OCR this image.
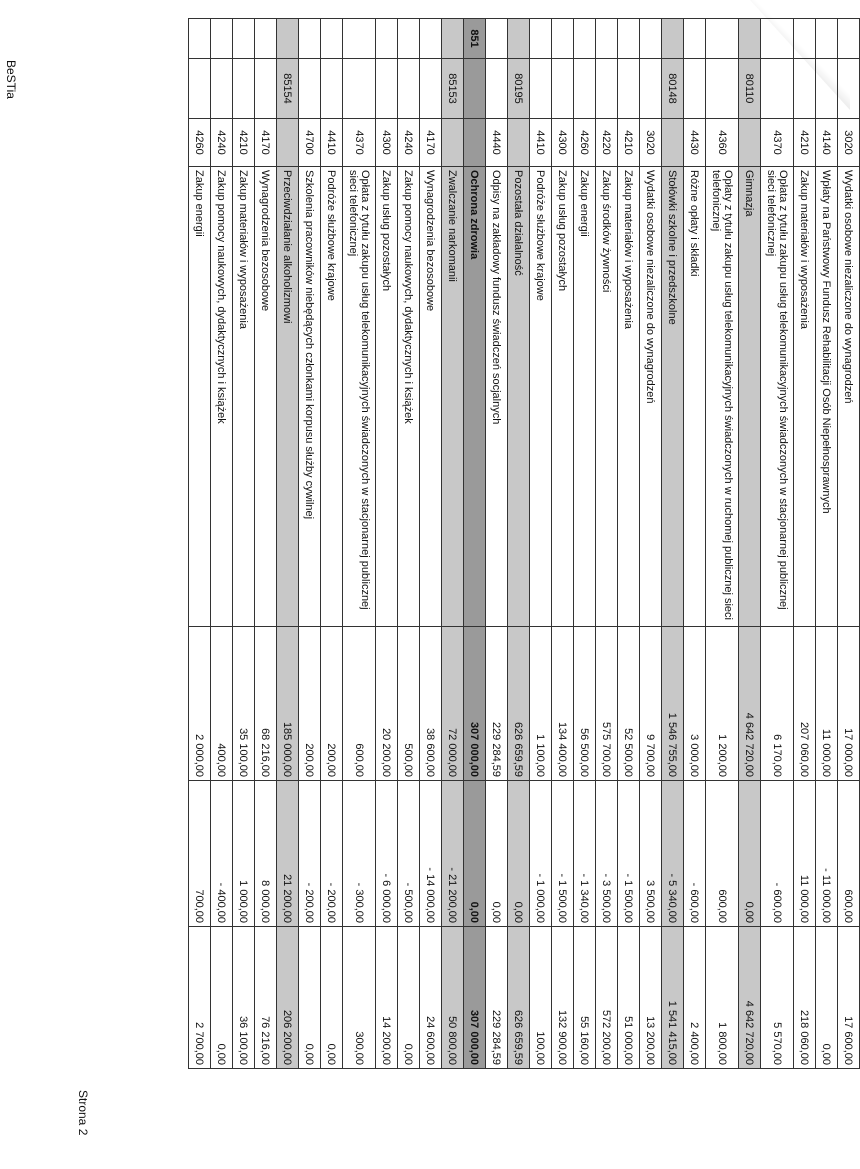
		3020	Wydatki osobowe niezaliczone do wynagrodzeń	17 000,00	600,00	17 600,00
		4140	Wpłaty na Państwowy Fundusz Rehabilitacji Osób Niepełnosprawnych	11 000,00	- 11 000,00	0,00
		4210	Zakup materiałów i wyposażenia	207 060,00	11 000,00	218 060,00
		4370	Opłata z tytułu zakupu usług telekomunikacyjnych świadczonych w stacjonarnej publicznej sieci telefonicznej	6 170,00	- 600,00	5 570,00
	80110		Gimnazja	4 642 720,00	0,00	4 642 720,00
		4360	Opłaty z tytułu zakupu usług telekomunikacyjnych świadczonych w ruchomej publicznej sieci telefonicznej	1 200,00	600,00	1 800,00
		4430	Różne opłaty i składki	3 000,00	- 600,00	2 400,00
	80148		Stołówki szkolne i przedszkolne	1 546 755,00	- 5 340,00	1 541 415,00
		3020	Wydatki osobowe niezaliczone do wynagrodzeń	9 700,00	3 500,00	13 200,00
		4210	Zakup materiałów i wyposażenia	52 500,00	- 1 500,00	51 000,00
		4220	Zakup środków żywności	575 700,00	- 3 500,00	572 200,00
		4260	Zakup energii	56 500,00	- 1 340,00	55 160,00
		4300	Zakup usług pozostałych	134 400,00	- 1 500,00	132 900,00
		4410	Podróże służbowe krajowe	1 100,00	- 1 000,00	100,00
	80195		Pozostała działalność	626 659,59	0,00	626 659,59
		4440	Odpisy na zakładowy fundusz świadczeń socjalnych	229 284,59	0,00	229 284,59
851			Ochrona zdrowia	307 000,00	0,00	307 000,00
	85153		Zwalczanie narkomanii	72 000,00	- 21 200,00	50 800,00
		4170	Wynagrodzenia bezosobowe	38 600,00	- 14 000,00	24 600,00
		4240	Zakup pomocy naukowych, dydaktycznych i książek	500,00	- 500,00	0,00
		4300	Zakup usług pozostałych	20 200,00	- 6 000,00	14 200,00
		4370	Opłata z tytułu zakupu usług telekomunikacyjnych świadczonych w stacjonarnej publicznej sieci telefonicznej	600,00	- 300,00	300,00
		4410	Podróże służbowe krajowe	200,00	- 200,00	0,00
		4700	Szkolenia pracowników niebędących członkami korpusu służby cywilnej	200,00	- 200,00	0,00
	85154		Przeciwdziałanie alkoholizmowi	185 000,00	21 200,00	206 200,00
		4170	Wynagrodzenia bezosobowe	68 216,00	8 000,00	76 216,00
		4210	Zakup materiałów i wyposażenia	35 100,00	1 000,00	36 100,00
		4240	Zakup pomocy naukowych, dydaktycznych i książek	400,00	- 400,00	0,00
		4260	Zakup energii	2 000,00	700,00	2 700,00
BeSTia
Strona 2
